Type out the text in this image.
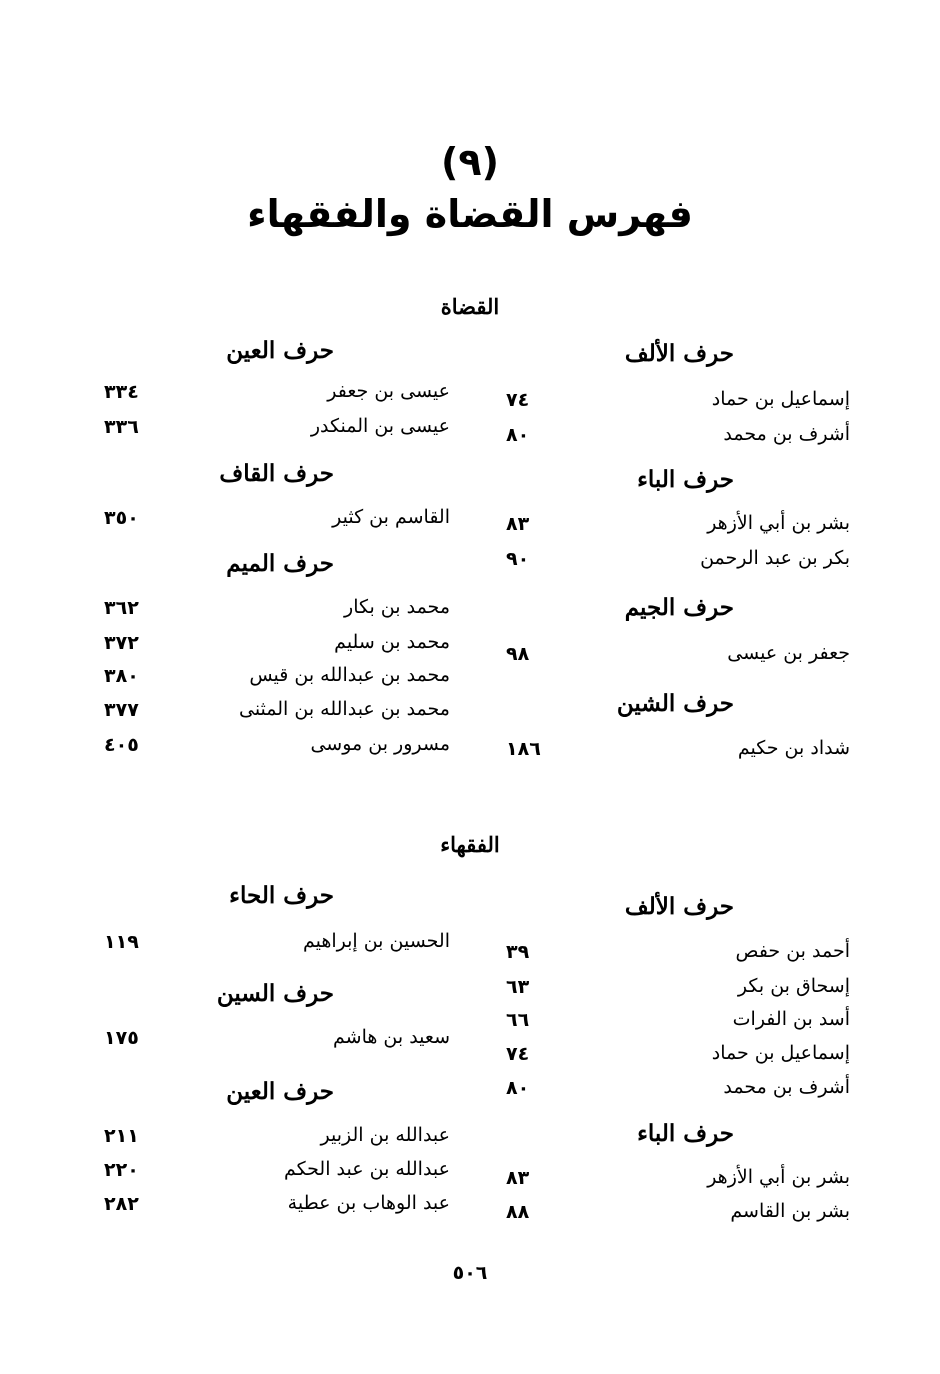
(٩)
فهرس القضاة والفقهاء
القضاة
حرف الألف
إسماعيل بن حماد
٧٤
أشرف بن محمد
٨٠
حرف الباء
بشر بن أبي الأزهر
٨٣
بكر بن عبد الرحمن
٩٠
حرف الجيم
جعفر بن عيسى
٩٨
حرف الشين
شداد بن حكيم
١٨٦
حرف العين
عيسى بن جعفر
٣٣٤
عيسى بن المنكدر
٣٣٦
حرف القاف
القاسم بن كثير
٣٥٠
حرف الميم
محمد بن بكار
٣٦٢
محمد بن سليم
٣٧٢
محمد بن عبدالله بن قيس
٣٨٠
محمد بن عبدالله بن المثنى
٣٧٧
مسرور بن موسى
٤٠٥
الفقهاء
حرف الألف
أحمد بن حفص
٣٩
إسحاق بن بكر
٦٣
أسد بن الفرات
٦٦
إسماعيل بن حماد
٧٤
أشرف بن محمد
٨٠
حرف الباء
بشر بن أبي الأزهر
٨٣
بشر بن القاسم
٨٨
حرف الحاء
الحسين بن إبراهيم
١١٩
حرف السين
سعيد بن هاشم
١٧٥
حرف العين
عبدالله بن الزبير
٢١١
عبدالله بن عبد الحكم
٢٢٠
عبد الوهاب بن عطية
٢٨٢
٥٠٦
